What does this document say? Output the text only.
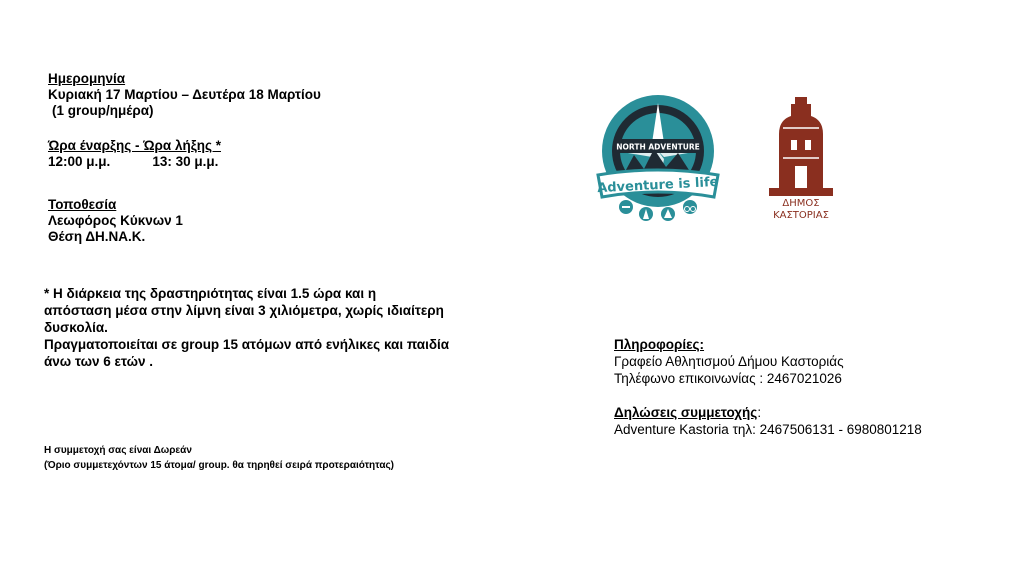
Ημερομηνία
Κυριακή 17 Μαρτίου – Δευτέρα 18 Μαρτίου
(1 group/ημέρα)
Ώρα έναρξης - Ώρα λήξης *
12:00 μ.μ.	13: 30 μ.μ.
Τοποθεσία
Λεωφόρος Κύκνων 1
Θέση ΔΗ.ΝΑ.Κ.
* Η διάρκεια της δραστηριότητας είναι 1.5 ώρα και η
απόσταση μέσα στην λίμνη είναι 3 χιλιόμετρα, χωρίς ιδιαίτερη
δυσκολία.
Πραγματοποιείται σε group 15 ατόμων από ενήλικες και παιδία
άνω των 6 ετών .
Η συμμετοχή σας είναι Δωρεάν
(Όριο συμμετεχόντων 15 άτομα/ group. θα τηρηθεί σειρά προτεραιότητας)
Πληροφορίες:
Γραφείο Αθλητισμού Δήμου Καστοριάς
Τηλέφωνο επικοινωνίας : 2467021026
Δηλώσεις συμμετοχής:
Adventure Kastoria τηλ: 2467506131 - 6980801218
NORTH ADVENTURE
Adventure is life
ΔΗΜΟΣ
ΚΑΣΤΟΡΙΑΣ
